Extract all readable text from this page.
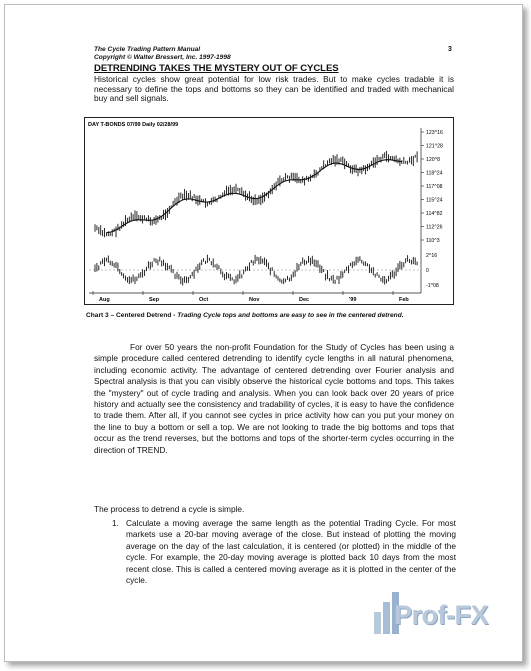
The Cycle Trading Pattern Manual
Copyright © Walter Bressert, Inc. 1997-1998
3
DETRENDING TAKES THE MYSTERY OUT OF CYCLES
Historical cycles show great potential for low risk trades. But to make cycles tradable it is necessary to define the tops and bottoms so they can be identified and traded with mechanical buy and sell signals.
DAY T-BONDS 07/99 Daily 02/28/99
123^16
121^28
120^8
118^24
117^08
115^24
114^82
112^26
110^3
2^16
0
-1^08
Aug	Sep	Oct	Nov	Dec	'99	Feb
Chart 3 – Centered Detrend - Trading Cycle tops and bottoms are easy to see in the centered detrend.
For over 50 years the non-profit Foundation for the Study of Cycles has been using a simple procedure called centered detrending to identify cycle lengths in all natural phenomena, including economic activity. The advantage of centered detrending over Fourier analysis and Spectral analysis is that you can visibly observe the historical cycle bottoms and tops. This takes the "mystery" out of cycle trading and analysis. When you can look back over 20 years of price history and actually see the consistency and tradability of cycles, it is easy to have the confidence to trade them. After all, if you cannot see cycles in price activity how can you put your money on the line to buy a bottom or sell a top. We are not looking to trade the big bottoms and tops that occur as the trend reverses, but the bottoms and tops of the shorter-term cycles occurring in the direction of TREND.
The process to detrend a cycle is simple.
1. Calculate a moving average the same length as the potential Trading Cycle. For most markets use a 20-bar moving average of the close. But instead of plotting the moving average on the day of the last calculation, it is centered (or plotted) in the middle of the cycle. For example, the 20-day moving average is plotted back 10 days from the most recent close. This is called a centered moving average as it is plotted in the center of the cycle.
Prof-FX
